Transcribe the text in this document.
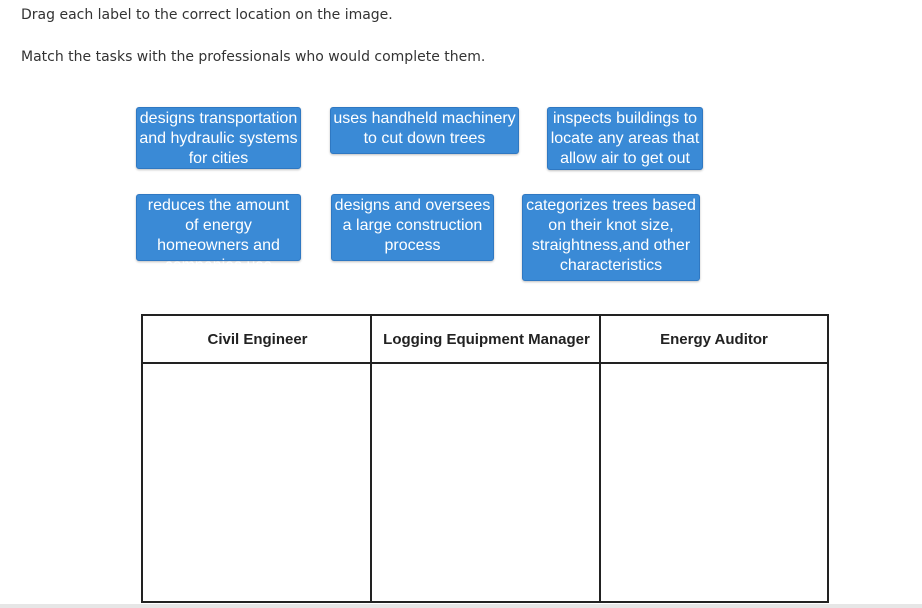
Drag each label to the correct location on the image.
Match the tasks with the professionals who would complete them.
designs transportation and hydraulic systems for cities
uses handheld machinery to cut down trees
inspects buildings to locate any areas that allow air to get out
reduces the amount of energy homeowners and companies use
designs and oversees a large construction process
categorizes trees based on their knot size, straightness,and other characteristics
Civil Engineer	Logging Equipment Manager	Energy Auditor
